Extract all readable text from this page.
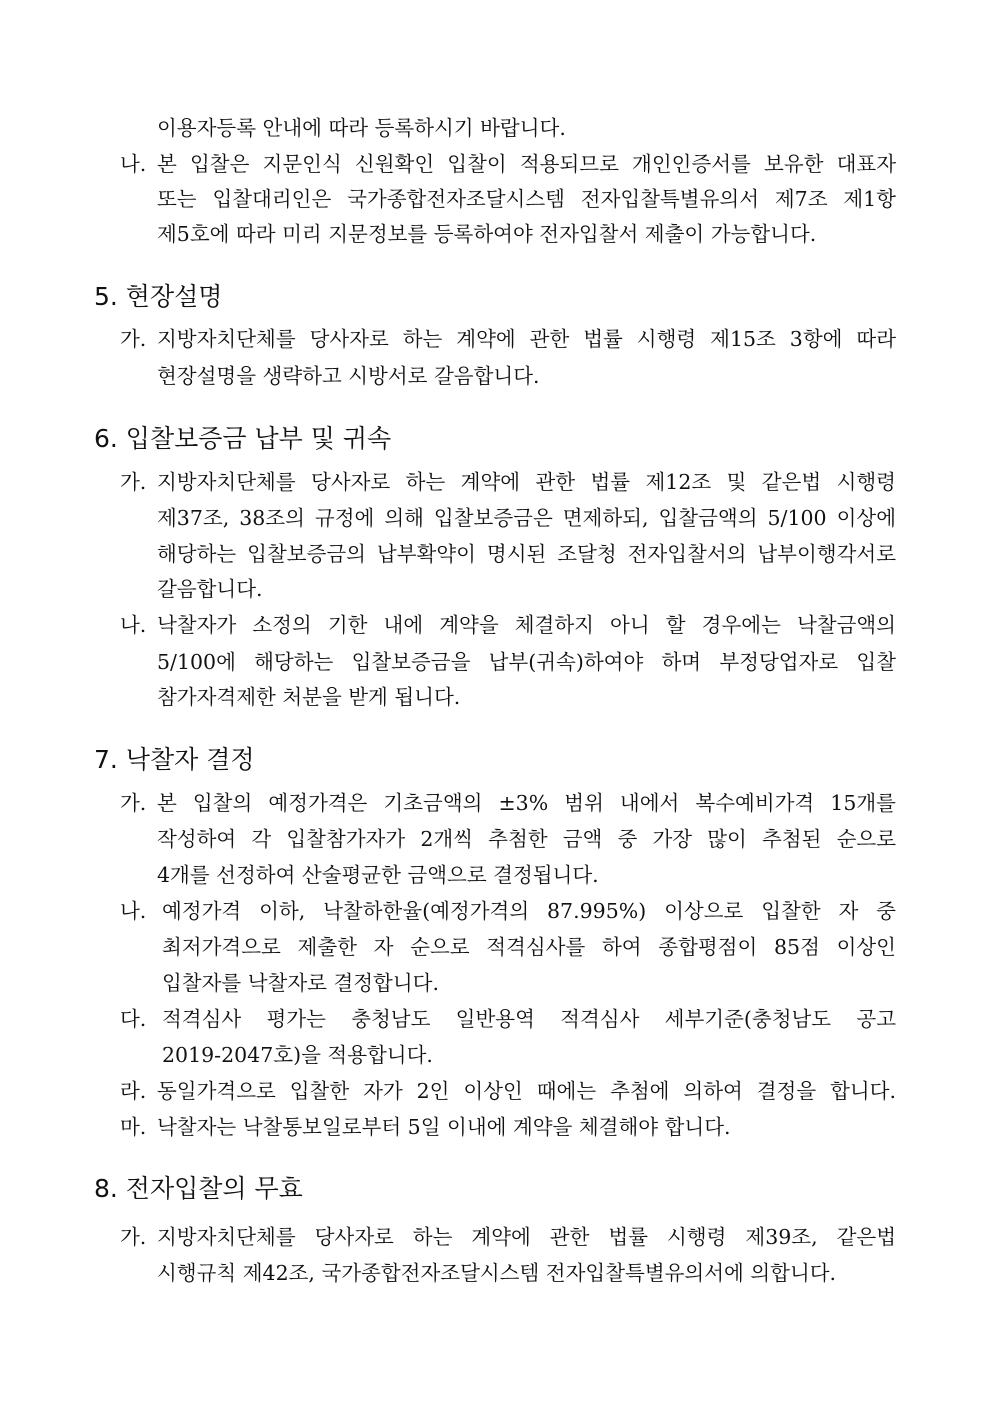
이용자등록 안내에 따라 등록하시기 바랍니다.
나. 본 입찰은 지문인식 신원확인 입찰이 적용되므로 개인인증서를 보유한 대표자
또는 입찰대리인은 국가종합전자조달시스템 전자입찰특별유의서 제7조 제1항
제5호에 따라 미리 지문정보를 등록하여야 전자입찰서 제출이 가능합니다.
5. 현장설명
가. 지방자치단체를 당사자로 하는 계약에 관한 법률 시행령 제15조 3항에 따라
현장설명을 생략하고 시방서로 갈음합니다.
6. 입찰보증금 납부 및 귀속
가. 지방자치단체를 당사자로 하는 계약에 관한 법률 제12조 및 같은법 시행령
제37조, 38조의 규정에 의해 입찰보증금은 면제하되, 입찰금액의 5/100 이상에
해당하는 입찰보증금의 납부확약이 명시된 조달청 전자입찰서의 납부이행각서로
갈음합니다.
나. 낙찰자가 소정의 기한 내에 계약을 체결하지 아니 할 경우에는 낙찰금액의
5/100에 해당하는 입찰보증금을 납부(귀속)하여야 하며 부정당업자로 입찰
참가자격제한 처분을 받게 됩니다.
7. 낙찰자 결정
가. 본 입찰의 예정가격은 기초금액의 ±3% 범위 내에서 복수예비가격 15개를
작성하여 각 입찰참가자가 2개씩 추첨한 금액 중 가장 많이 추첨된 순으로
4개를 선정하여 산술평균한 금액으로 결정됩니다.
나. 예정가격 이하, 낙찰하한율(예정가격의 87.995%) 이상으로 입찰한 자 중
최저가격으로 제출한 자 순으로 적격심사를 하여 종합평점이 85점 이상인
입찰자를 낙찰자로 결정합니다.
다. 적격심사 평가는 충청남도 일반용역 적격심사 세부기준(충청남도 공고
2019-2047호)을 적용합니다.
라. 동일가격으로 입찰한 자가 2인 이상인 때에는 추첨에 의하여 결정을 합니다.
마. 낙찰자는 낙찰통보일로부터 5일 이내에 계약을 체결해야 합니다.
8. 전자입찰의 무효
가. 지방자치단체를 당사자로 하는 계약에 관한 법률 시행령 제39조, 같은법
시행규칙 제42조, 국가종합전자조달시스템 전자입찰특별유의서에 의합니다.
